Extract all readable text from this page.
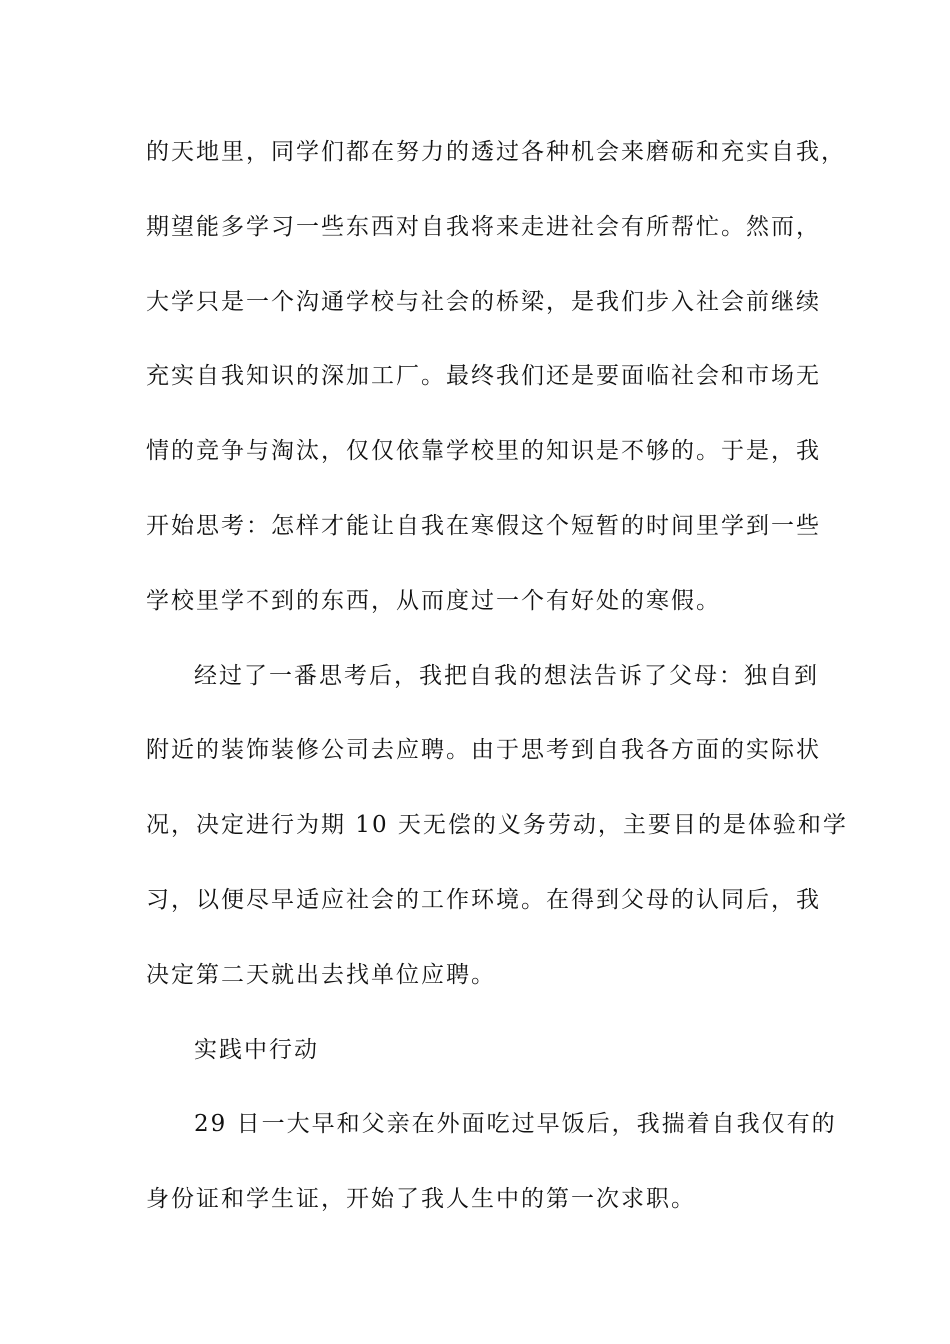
的天地里，同学们都在努力的透过各种机会来磨砺和充实自我，
期望能多学习一些东西对自我将来走进社会有所帮忙。然而，
大学只是一个沟通学校与社会的桥梁，是我们步入社会前继续
充实自我知识的深加工厂。最终我们还是要面临社会和市场无
情的竞争与淘汰，仅仅依靠学校里的知识是不够的。于是，我
开始思考：怎样才能让自我在寒假这个短暂的时间里学到一些
学校里学不到的东西，从而度过一个有好处的寒假。
经过了一番思考后，我把自我的想法告诉了父母：独自到
附近的装饰装修公司去应聘。由于思考到自我各方面的实际状
况，决定进行为期 10 天无偿的义务劳动，主要目的是体验和学
习，以便尽早适应社会的工作环境。在得到父母的认同后，我
决定第二天就出去找单位应聘。
实践中行动
29 日一大早和父亲在外面吃过早饭后，我揣着自我仅有的
身份证和学生证，开始了我人生中的第一次求职。
